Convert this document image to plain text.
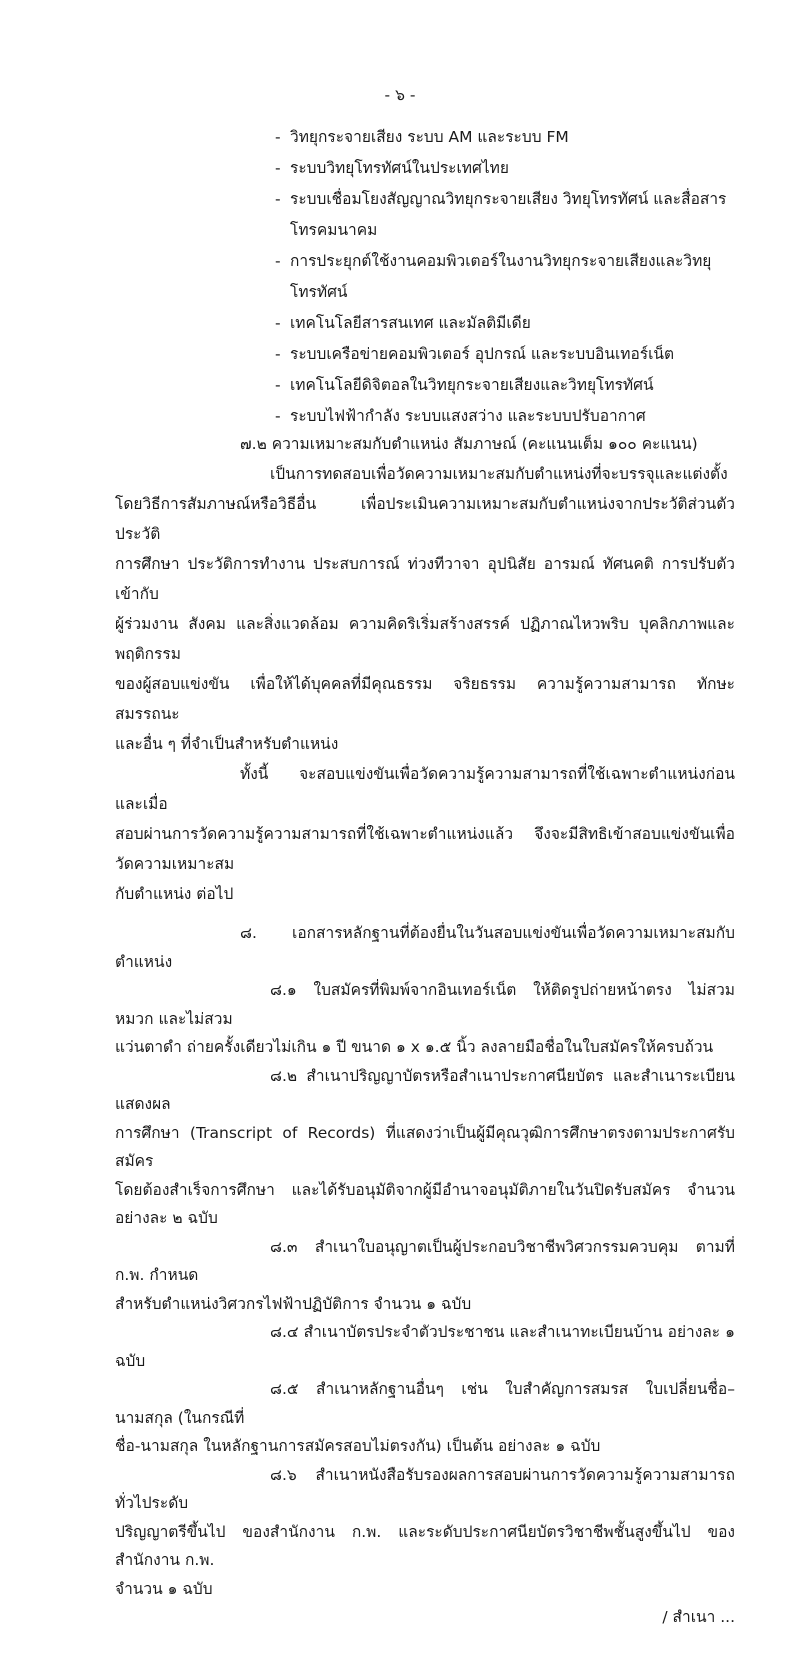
- ๖ -
- วิทยุกระจายเสียง ระบบ AM และระบบ FM
- ระบบวิทยุโทรทัศน์ในประเทศไทย
- ระบบเชื่อมโยงสัญญาณวิทยุกระจายเสียง วิทยุโทรทัศน์ และสื่อสารโทรคมนาคม
- การประยุกต์ใช้งานคอมพิวเตอร์ในงานวิทยุกระจายเสียงและวิทยุโทรทัศน์
- เทคโนโลยีสารสนเทศ และมัลติมีเดีย
- ระบบเครือข่ายคอมพิวเตอร์ อุปกรณ์ และระบบอินเทอร์เน็ต
- เทคโนโลยีดิจิตอลในวิทยุกระจายเสียงและวิทยุโทรทัศน์
- ระบบไฟฟ้ากำลัง ระบบแสงสว่าง และระบบปรับอากาศ
๗.๒ ความเหมาะสมกับตำแหน่ง สัมภาษณ์ (คะแนนเต็ม ๑๐๐ คะแนน)
เป็นการทดสอบเพื่อวัดความเหมาะสมกับตำแหน่งที่จะบรรจุและแต่งตั้ง
โดยวิธีการสัมภาษณ์หรือวิธีอื่น เพื่อประเมินความเหมาะสมกับตำแหน่งจากประวัติส่วนตัว ประวัติ
การศึกษา ประวัติการทำงาน ประสบการณ์ ท่วงทีวาจา อุปนิสัย อารมณ์ ทัศนคติ การปรับตัวเข้ากับ
ผู้ร่วมงาน สังคม และสิ่งแวดล้อม ความคิดริเริ่มสร้างสรรค์ ปฏิภาณไหวพริบ บุคลิกภาพและพฤติกรรม
ของผู้สอบแข่งขัน เพื่อให้ได้บุคคลที่มีคุณธรรม จริยธรรม ความรู้ความสามารถ ทักษะ สมรรถนะ
และอื่น ๆ ที่จำเป็นสำหรับตำแหน่ง
ทั้งนี้ จะสอบแข่งขันเพื่อวัดความรู้ความสามารถที่ใช้เฉพาะตำแหน่งก่อน และเมื่อ
สอบผ่านการวัดความรู้ความสามารถที่ใช้เฉพาะตำแหน่งแล้ว จึงจะมีสิทธิเข้าสอบแข่งขันเพื่อวัดความเหมาะสม
กับตำแหน่ง ต่อไป
๘. เอกสารหลักฐานที่ต้องยื่นในวันสอบแข่งขันเพื่อวัดความเหมาะสมกับตำแหน่ง
๘.๑ ใบสมัครที่พิมพ์จากอินเทอร์เน็ต ให้ติดรูปถ่ายหน้าตรง ไม่สวมหมวก และไม่สวม
แว่นตาดำ ถ่ายครั้งเดียวไม่เกิน ๑ ปี ขนาด ๑ x ๑.๕ นิ้ว ลงลายมือชื่อในใบสมัครให้ครบถ้วน
๘.๒ สำเนาปริญญาบัตรหรือสำเนาประกาศนียบัตร และสำเนาระเบียนแสดงผล
การศึกษา (Transcript of Records) ที่แสดงว่าเป็นผู้มีคุณวุฒิการศึกษาตรงตามประกาศรับสมัคร
โดยต้องสำเร็จการศึกษา และได้รับอนุมัติจากผู้มีอำนาจอนุมัติภายในวันปิดรับสมัคร จำนวนอย่างละ ๒ ฉบับ
๘.๓ สำเนาใบอนุญาตเป็นผู้ประกอบวิชาชีพวิศวกรรมควบคุม ตามที่ ก.พ. กำหนด
สำหรับตำแหน่งวิศวกรไฟฟ้าปฏิบัติการ จำนวน ๑ ฉบับ
๘.๔ สำเนาบัตรประจำตัวประชาชน และสำเนาทะเบียนบ้าน อย่างละ ๑ ฉบับ
๘.๕ สำเนาหลักฐานอื่นๆ เช่น ใบสำคัญการสมรส ใบเปลี่ยนชื่อ–นามสกุล (ในกรณีที่
ชื่อ-นามสกุล ในหลักฐานการสมัครสอบไม่ตรงกัน) เป็นต้น อย่างละ ๑ ฉบับ
๘.๖ สำเนาหนังสือรับรองผลการสอบผ่านการวัดความรู้ความสามารถทั่วไประดับ
ปริญญาตรีขึ้นไป ของสำนักงาน ก.พ. และระดับประกาศนียบัตรวิชาชีพชั้นสูงขึ้นไป ของสำนักงาน ก.พ.
จำนวน ๑ ฉบับ
/ สำเนา ...
